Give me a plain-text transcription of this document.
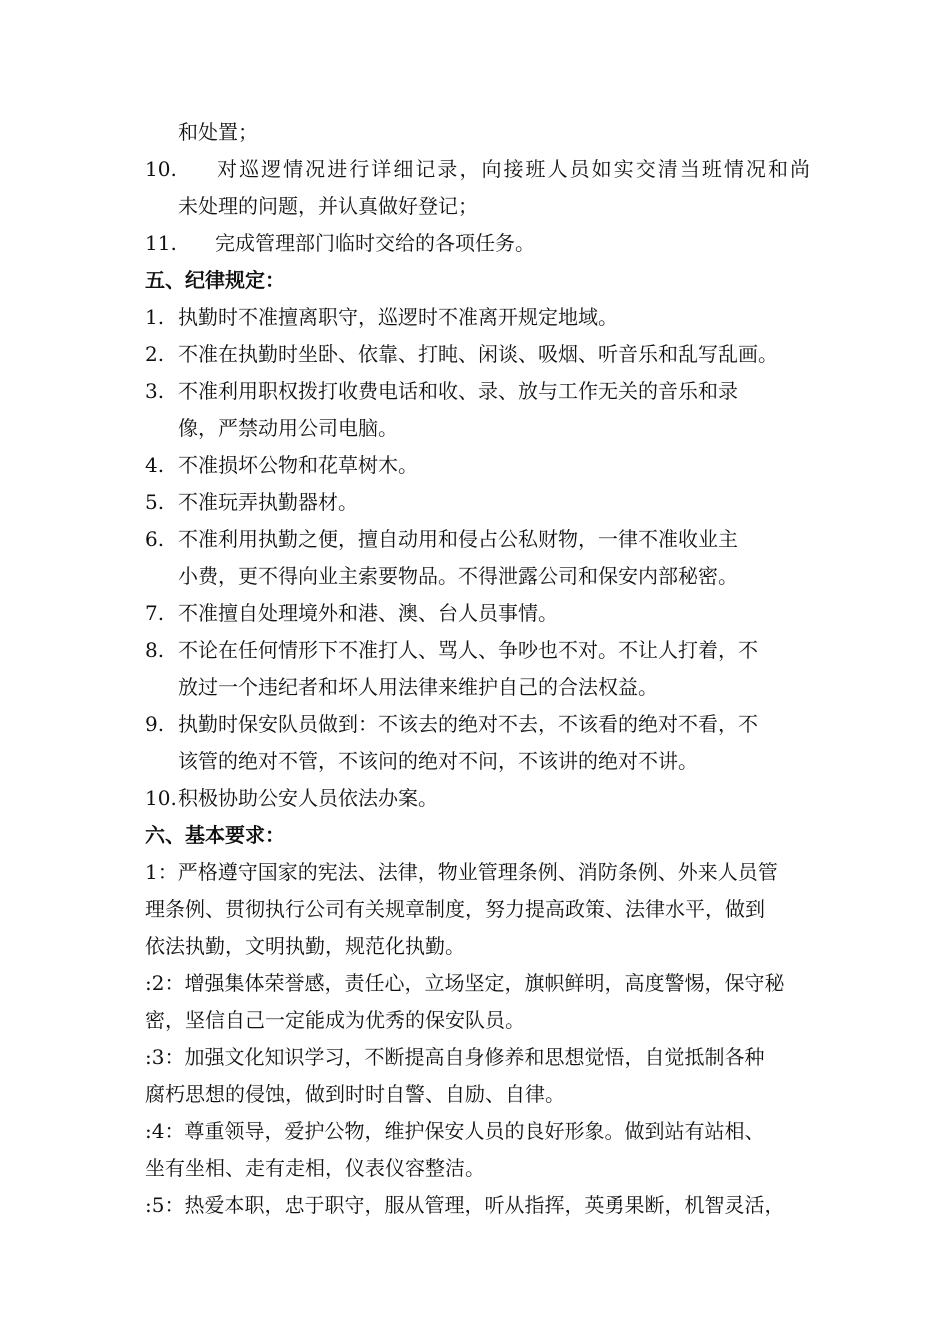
和处置；
10. 对巡逻情况进行详细记录，向接班人员如实交清当班情况和尚
未处理的问题，并认真做好登记；
11. 完成管理部门临时交给的各项任务。
五、纪律规定：
1. 执勤时不准擅离职守，巡逻时不准离开规定地域。
2. 不准在执勤时坐卧、依靠、打盹、闲谈、吸烟、听音乐和乱写乱画。
3. 不准利用职权拨打收费电话和收、录、放与工作无关的音乐和录
像，严禁动用公司电脑。
4. 不准损坏公物和花草树木。
5. 不准玩弄执勤器材。
6. 不准利用执勤之便，擅自动用和侵占公私财物，一律不准收业主
小费，更不得向业主索要物品。不得泄露公司和保安内部秘密。
7. 不准擅自处理境外和港、澳、台人员事情。
8. 不论在任何情形下不准打人、骂人、争吵也不对。不让人打着，不
放过一个违纪者和坏人用法律来维护自己的合法权益。
9. 执勤时保安队员做到：不该去的绝对不去，不该看的绝对不看，不
该管的绝对不管，不该问的绝对不问，不该讲的绝对不讲。
10.积极协助公安人员依法办案。
六、基本要求：
1：严格遵守国家的宪法、法律，物业管理条例、消防条例、外来人员管
理条例、贯彻执行公司有关规章制度，努力提高政策、法律水平，做到
依法执勤，文明执勤，规范化执勤。
:2：增强集体荣誉感，责任心，立场坚定，旗帜鲜明，高度警惕，保守秘
密，坚信自己一定能成为优秀的保安队员。
:3：加强文化知识学习，不断提高自身修养和思想觉悟，自觉抵制各种
腐朽思想的侵蚀，做到时时自警、自励、自律。
:4：尊重领导，爱护公物，维护保安人员的良好形象。做到站有站相、
坐有坐相、走有走相，仪表仪容整洁。
:5：热爱本职，忠于职守，服从管理，听从指挥，英勇果断，机智灵活，
